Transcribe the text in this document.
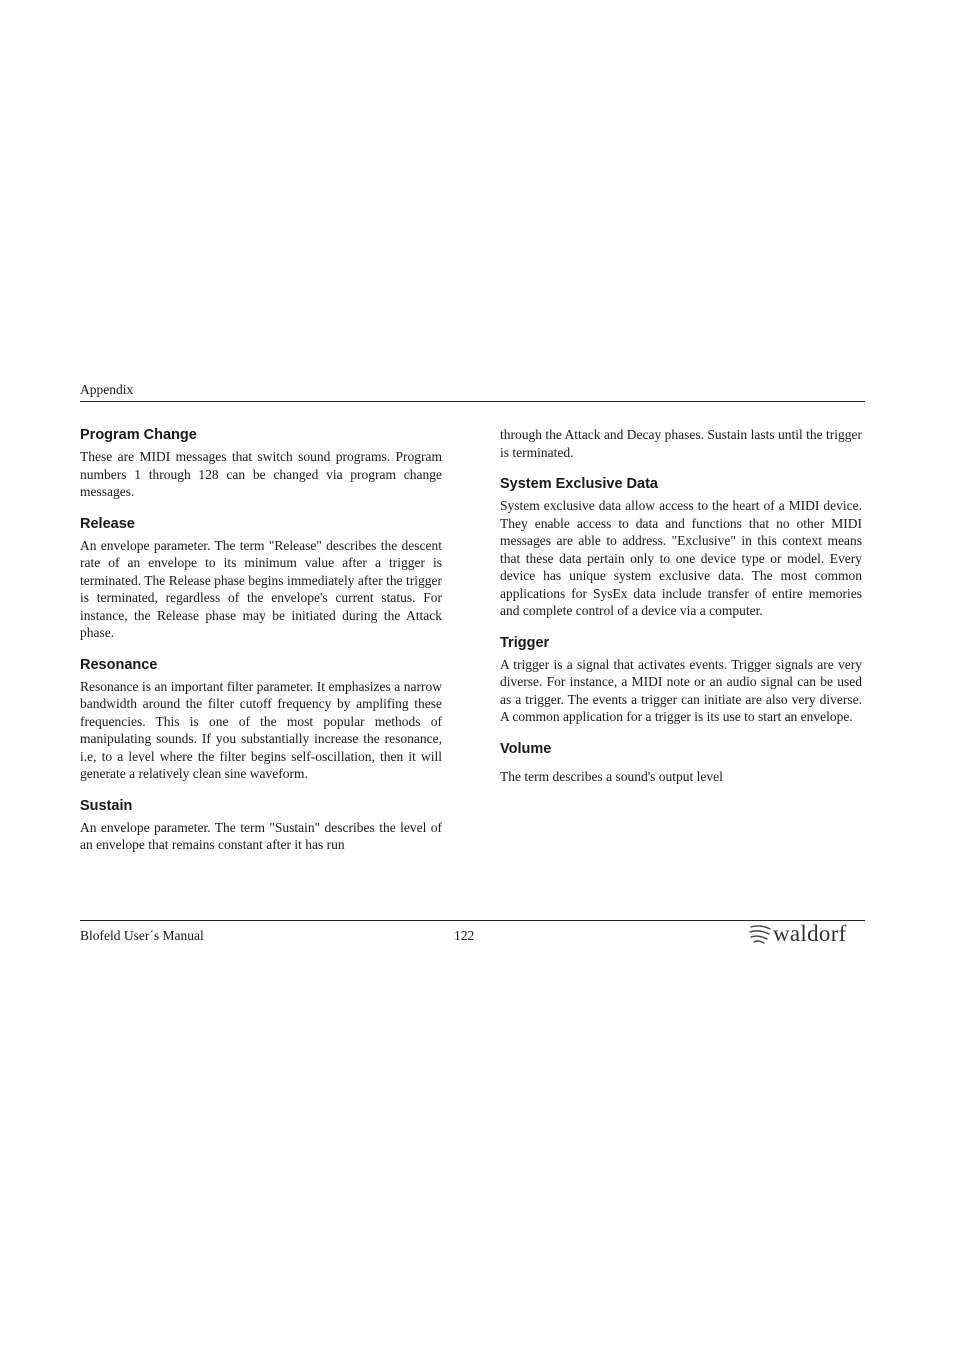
Appendix
Program Change

These are MIDI messages that switch sound programs. Program numbers 1 through 128 can be changed via program change messages.

Release

An envelope parameter. The term "Release" describes the descent rate of an envelope to its minimum value after a trigger is terminated. The Release phase begins immediately after the trigger is terminated, regardless of the envelope's current status. For instance, the Release phase may be initiated during the Attack phase.

Resonance

Resonance is an important filter parameter. It emphasizes a narrow bandwidth around the filter cutoff frequency by amplifing these frequencies. This is one of the most popular methods of manipulating sounds. If you substantially increase the resonance, i.e, to a level where the filter begins self-oscillation, then it will generate a relatively clean sine waveform.

Sustain

An envelope parameter. The term "Sustain" describes the level of an envelope that remains constant after it has run

through the Attack and Decay phases. Sustain lasts until the trigger is terminated.

System Exclusive Data

System exclusive data allow access to the heart of a MIDI device. They enable access to data and functions that no other MIDI messages are able to address. "Exclusive" in this context means that these data pertain only to one device type or model. Every device has unique system exclusive data. The most common applications for SysEx data include transfer of entire memories and complete control of a device via a computer.

Trigger

A trigger is a signal that activates events. Trigger signals are very diverse. For instance, a MIDI note or an audio signal can be used as a trigger. The events a trigger can initiate are also very diverse. A common application for a trigger is its use to start an envelope.

Volume

The term describes a sound's output level

Blofeld User´s Manual	122	waldorf
